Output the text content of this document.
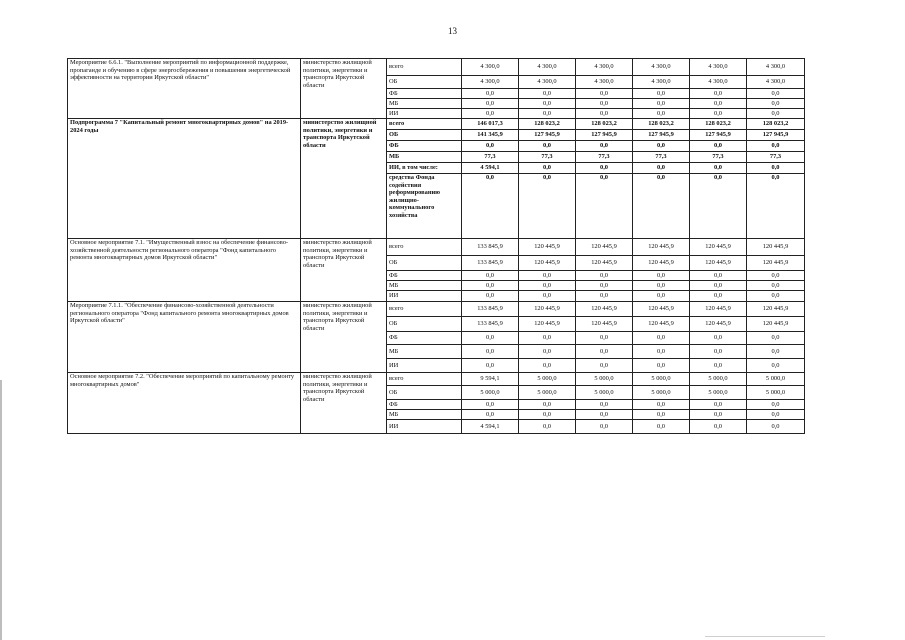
13
Мероприятие 6.6.1. "Выполнение мероприятий по информационной поддержке, пропаганде и обучению в сфере энергосбережения и повышения энергетической эффективности на территории Иркутской области"	министерство жилищной политики, энергетики и транспорта Иркутской области	всего	4 300,0	4 300,0	4 300,0	4 300,0	4 300,0	4 300,0
		ОБ	4 300,0	4 300,0	4 300,0	4 300,0	4 300,0	4 300,0
		ФБ	0,0	0,0	0,0	0,0	0,0	0,0
		МБ	0,0	0,0	0,0	0,0	0,0	0,0
		ИИ	0,0	0,0	0,0	0,0	0,0	0,0
Подпрограмма 7 "Капитальный ремонт многоквартирных домов" на 2019-2024 годы	министерство жилищной политики, энергетики и транспорта Иркутской области	всего	146 017,3	128 023,2	128 023,2	128 023,2	128 023,2	128 023,2
		ОБ	141 345,9	127 945,9	127 945,9	127 945,9	127 945,9	127 945,9
		ФБ	0,0	0,0	0,0	0,0	0,0	0,0
		МБ	77,3	77,3	77,3	77,3	77,3	77,3
		ИИ, в том числе:	4 594,1	0,0	0,0	0,0	0,0	0,0
		средства Фонда содействия реформированию жилищно-коммунального хозяйства	0,0	0,0	0,0	0,0	0,0	0,0
Основное мероприятие 7.1. "Имущественный взнос на обеспечение финансово-хозяйственной деятельности регионального оператора "Фонд капитального ремонта многоквартирных домов Иркутской области"	министерство жилищной политики, энергетики и транспорта Иркутской области	всего	133 845,9	120 445,9	120 445,9	120 445,9	120 445,9	120 445,9
		ОБ	133 845,9	120 445,9	120 445,9	120 445,9	120 445,9	120 445,9
		ФБ	0,0	0,0	0,0	0,0	0,0	0,0
		МБ	0,0	0,0	0,0	0,0	0,0	0,0
		ИИ	0,0	0,0	0,0	0,0	0,0	0,0
Мероприятие 7.1.1. "Обеспечение финансово-хозяйственной деятельности регионального оператора "Фонд капитального ремонта многоквартирных домов Иркутской области"	министерство жилищной политики, энергетики и транспорта Иркутской области	всего	133 845,9	120 445,9	120 445,9	120 445,9	120 445,9	120 445,9
		ОБ	133 845,9	120 445,9	120 445,9	120 445,9	120 445,9	120 445,9
		ФБ	0,0	0,0	0,0	0,0	0,0	0,0
		МБ	0,0	0,0	0,0	0,0	0,0	0,0
		ИИ	0,0	0,0	0,0	0,0	0,0	0,0
Основное мероприятие 7.2. "Обеспечение мероприятий по капитальному ремонту многоквартирных домов"	министерство жилищной политики, энергетики и транспорта Иркутской области	всего	9 594,1	5 000,0	5 000,0	5 000,0	5 000,0	5 000,0
		ОБ	5 000,0	5 000,0	5 000,0	5 000,0	5 000,0	5 000,0
		ФБ	0,0	0,0	0,0	0,0	0,0	0,0
		МБ	0,0	0,0	0,0	0,0	0,0	0,0
		ИИ	4 594,1	0,0	0,0	0,0	0,0	0,0
